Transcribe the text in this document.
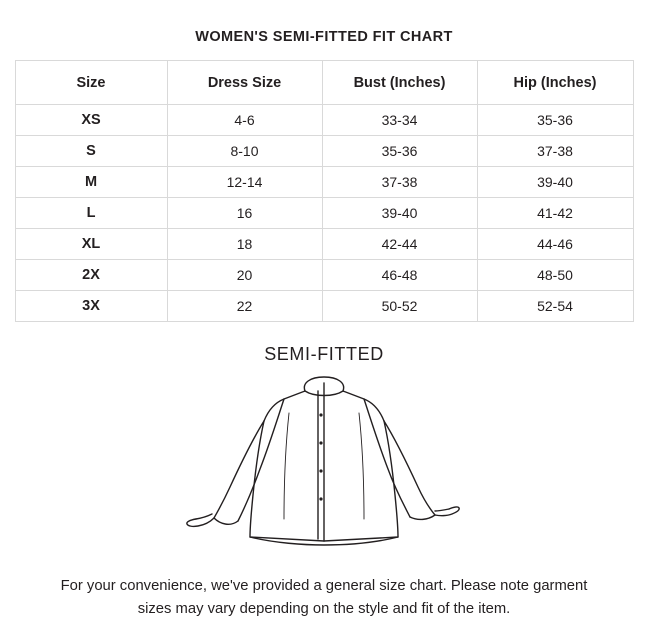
WOMEN'S SEMI-FITTED FIT CHART
Size	Dress Size	Bust (Inches)	Hip (Inches)
XS	4-6	33-34	35-36
S	8-10	35-36	37-38
M	12-14	37-38	39-40
L	16	39-40	41-42
XL	18	42-44	44-46
2X	20	46-48	48-50
3X	22	50-52	52-54
SEMI-FITTED
For your convenience, we've provided a general size chart. Please note garment
sizes may vary depending on the style and fit of the item.
